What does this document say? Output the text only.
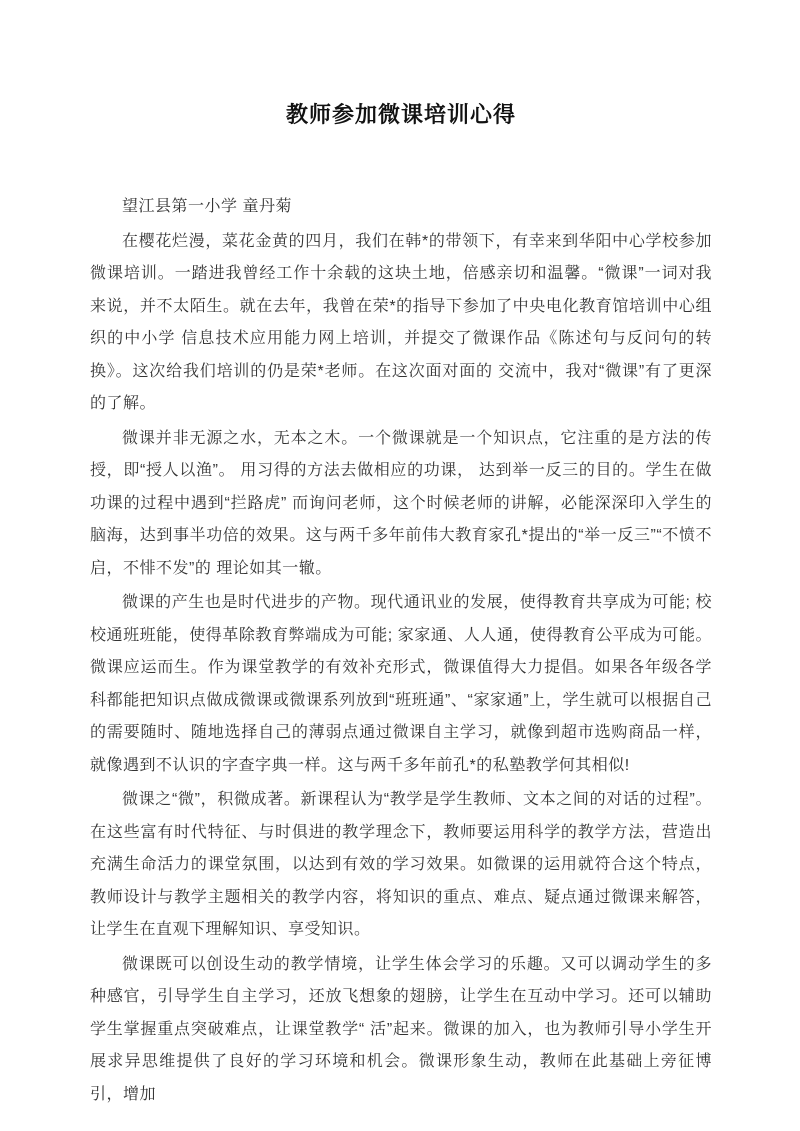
教师参加微课培训心得

望江县第一小学 童丹菊

在樱花烂漫，菜花金黄的四月，我们在韩*的带领下，有幸来到华阳中心学校参加微课培训。一踏进我曾经工作十余载的这块土地，倍感亲切和温馨。“微课”一词对我来说，并不太陌生。就在去年，我曾在荣*的指导下参加了中央电化教育馆培训中心组织的中小学 信息技术应用能力网上培训，并提交了微课作品《陈述句与反问句的转换》。这次给我们培训的仍是荣*老师。在这次面对面的 交流中，我对“微课”有了更深的了解。

微课并非无源之水，无本之木。一个微课就是一个知识点，它注重的是方法的传授，即“授人以渔”。 用习得的方法去做相应的功课， 达到举一反三的目的。学生在做功课的过程中遇到“拦路虎” 而询问老师，这个时候老师的讲解，必能深深印入学生的脑海，达到事半功倍的效果。这与两千多年前伟大教育家孔*提出的“举一反三”“不愤不启，不悱不发”的 理论如其一辙。

微课的产生也是时代进步的产物。现代通讯业的发展，使得教育共享成为可能; 校校通班班能，使得革除教育弊端成为可能; 家家通、人人通，使得教育公平成为可能。微课应运而生。作为课堂教学的有效补充形式，微课值得大力提倡。如果各年级各学科都能把知识点做成微课或微课系列放到“班班通”、“家家通”上，学生就可以根据自己的需要随时、随地选择自己的薄弱点通过微课自主学习，就像到超市选购商品一样，就像遇到不认识的字查字典一样。这与两千多年前孔*的私塾教学何其相似!

微课之“微”，积微成著。新课程认为“教学是学生教师、文本之间的对话的过程”。在这些富有时代特征、与时俱进的教学理念下，教师要运用科学的教学方法，营造出充满生命活力的课堂氛围，以达到有效的学习效果。如微课的运用就符合这个特点，教师设计与教学主题相关的教学内容，将知识的重点、难点、疑点通过微课来解答，让学生在直观下理解知识、享受知识。

微课既可以创设生动的教学情境，让学生体会学习的乐趣。又可以调动学生的多种感官，引导学生自主学习，还放飞想象的翅膀，让学生在互动中学习。还可以辅助学生掌握重点突破难点，让课堂教学“ 活”起来。微课的加入，也为教师引导小学生开展求异思维提供了良好的学习环境和机会。微课形象生动，教师在此基础上旁征博引，增加
